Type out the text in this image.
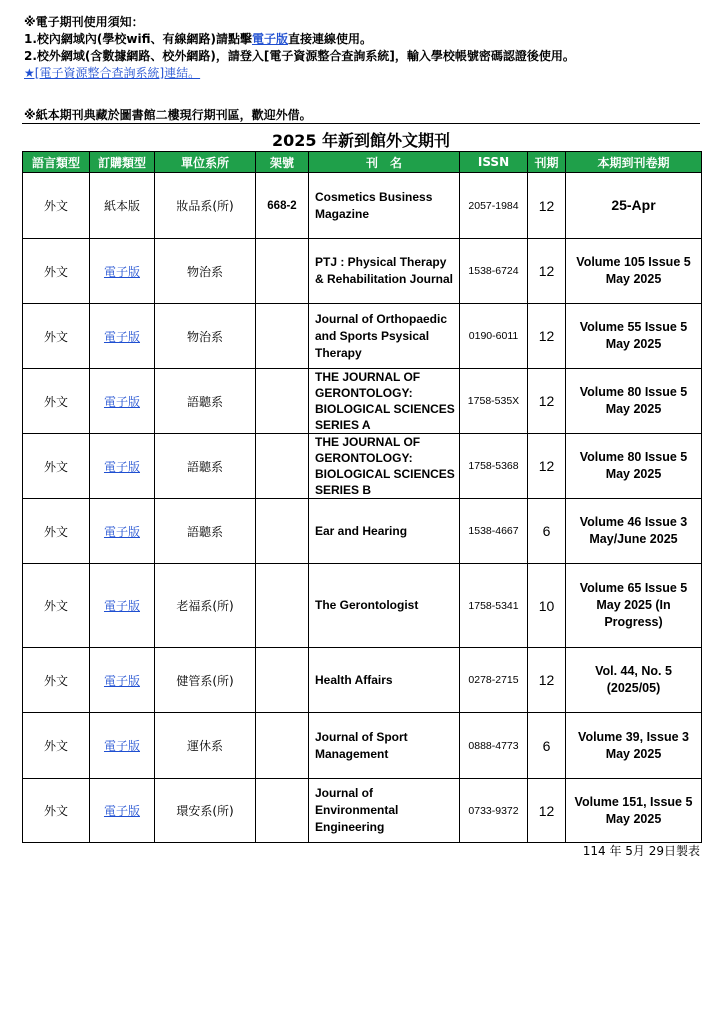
※電子期刊使用須知：
1.校內網域內(學校wifi、有線網路)請點擊電子版直接連線使用。
2.校外網域(含數據網路、校外網路)，請登入[電子資源整合查詢系統]，輸入學校帳號密碼認證後使用。
★[電子資源整合查詢系統]連結。
※紙本期刊典藏於圖書館二樓現行期刊區，歡迎外借。
2025 年新到館外文期刊
語言類型	訂購類型	單位系所	架號	刊　名	ISSN	刊期	本期到刊卷期
外文	紙本版	妝品系(所)	668-2	Cosmetics Business Magazine	2057-1984	12	25-Apr
外文	電子版	物治系		PTJ : Physical Therapy & Rehabilitation Journal	1538-6724	12	Volume 105 Issue 5 May 2025
外文	電子版	物治系		Journal of Orthopaedic and Sports Psysical Therapy	0190-6011	12	Volume 55 Issue 5 May 2025
外文	電子版	語聽系		THE JOURNAL OF GERONTOLOGY: BIOLOGICAL SCIENCES SERIES A	1758-535X	12	Volume 80 Issue 5 May 2025
外文	電子版	語聽系		THE JOURNAL OF GERONTOLOGY: BIOLOGICAL SCIENCES SERIES B	1758-5368	12	Volume 80 Issue 5 May 2025
外文	電子版	語聽系		Ear and Hearing	1538-4667	6	Volume 46 Issue 3 May/June 2025
外文	電子版	老福系(所)		The Gerontologist	1758-5341	10	Volume 65 Issue 5 May 2025 (In Progress)
外文	電子版	健管系(所)		Health Affairs	0278-2715	12	Vol. 44, No. 5 (2025/05)
外文	電子版	運休系		Journal of Sport Management	0888-4773	6	Volume 39, Issue 3 May 2025
外文	電子版	環安系(所)		Journal of Environmental Engineering	0733-9372	12	Volume 151, Issue 5 May 2025
114 年 5月 29日製表
